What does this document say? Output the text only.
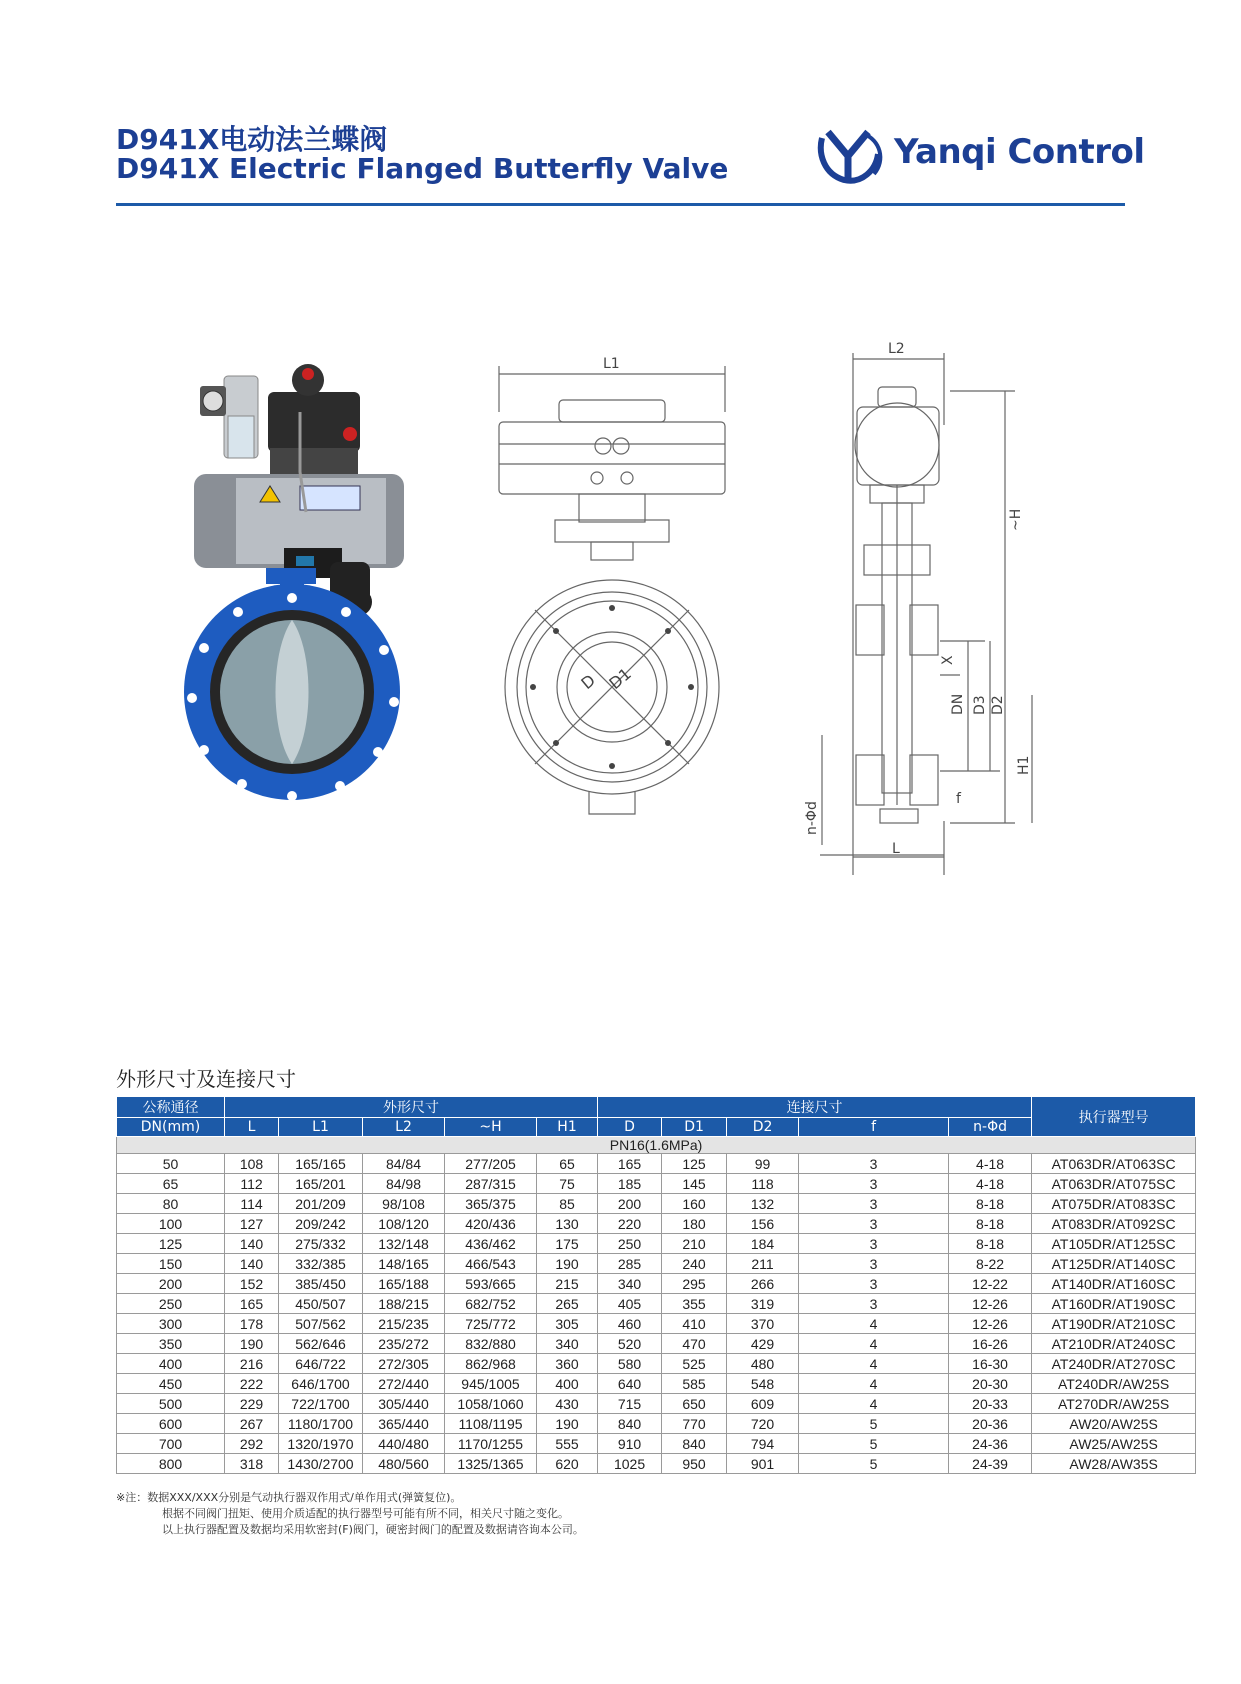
D941X电动法兰蝶阀
D941X Electric Flanged Butterfly Valve	Yanqi Control
L1
D D1
L2
~H
X
DN D3 D2
H1
f
n-Φd
L
外形尺寸及连接尺寸
公称通径	外形尺寸					连接尺寸					执行器型号
DN(mm)	L	L1	L2	~H	H1	D	D1	D2	f	n-Φd	
PN16(1.6MPa)											
50	108	165/165	84/84	277/205	65	165	125	99	3	4-18	AT063DR/AT063SC
65	112	165/201	84/98	287/315	75	185	145	118	3	4-18	AT063DR/AT075SC
80	114	201/209	98/108	365/375	85	200	160	132	3	8-18	AT075DR/AT083SC
100	127	209/242	108/120	420/436	130	220	180	156	3	8-18	AT083DR/AT092SC
125	140	275/332	132/148	436/462	175	250	210	184	3	8-18	AT105DR/AT125SC
150	140	332/385	148/165	466/543	190	285	240	211	3	8-22	AT125DR/AT140SC
200	152	385/450	165/188	593/665	215	340	295	266	3	12-22	AT140DR/AT160SC
250	165	450/507	188/215	682/752	265	405	355	319	3	12-26	AT160DR/AT190SC
300	178	507/562	215/235	725/772	305	460	410	370	4	12-26	AT190DR/AT210SC
350	190	562/646	235/272	832/880	340	520	470	429	4	16-26	AT210DR/AT240SC
400	216	646/722	272/305	862/968	360	580	525	480	4	16-30	AT240DR/AT270SC
450	222	646/1700	272/440	945/1005	400	640	585	548	4	20-30	AT240DR/AW25S
500	229	722/1700	305/440	1058/1060	430	715	650	609	4	20-33	AT270DR/AW25S
600	267	1180/1700	365/440	1108/1195	190	840	770	720	5	20-36	AW20/AW25S
700	292	1320/1970	440/480	1170/1255	555	910	840	794	5	24-36	AW25/AW25S
800	318	1430/2700	480/560	1325/1365	620	1025	950	901	5	24-39	AW28/AW35S
※注：数据XXX/XXX分别是气动执行器双作用式/单作用式(弹簧复位)。
根据不同阀门扭矩、使用介质适配的执行器型号可能有所不同，相关尺寸随之变化。
以上执行器配置及数据均采用软密封(F)阀门，硬密封阀门的配置及数据请咨询本公司。
